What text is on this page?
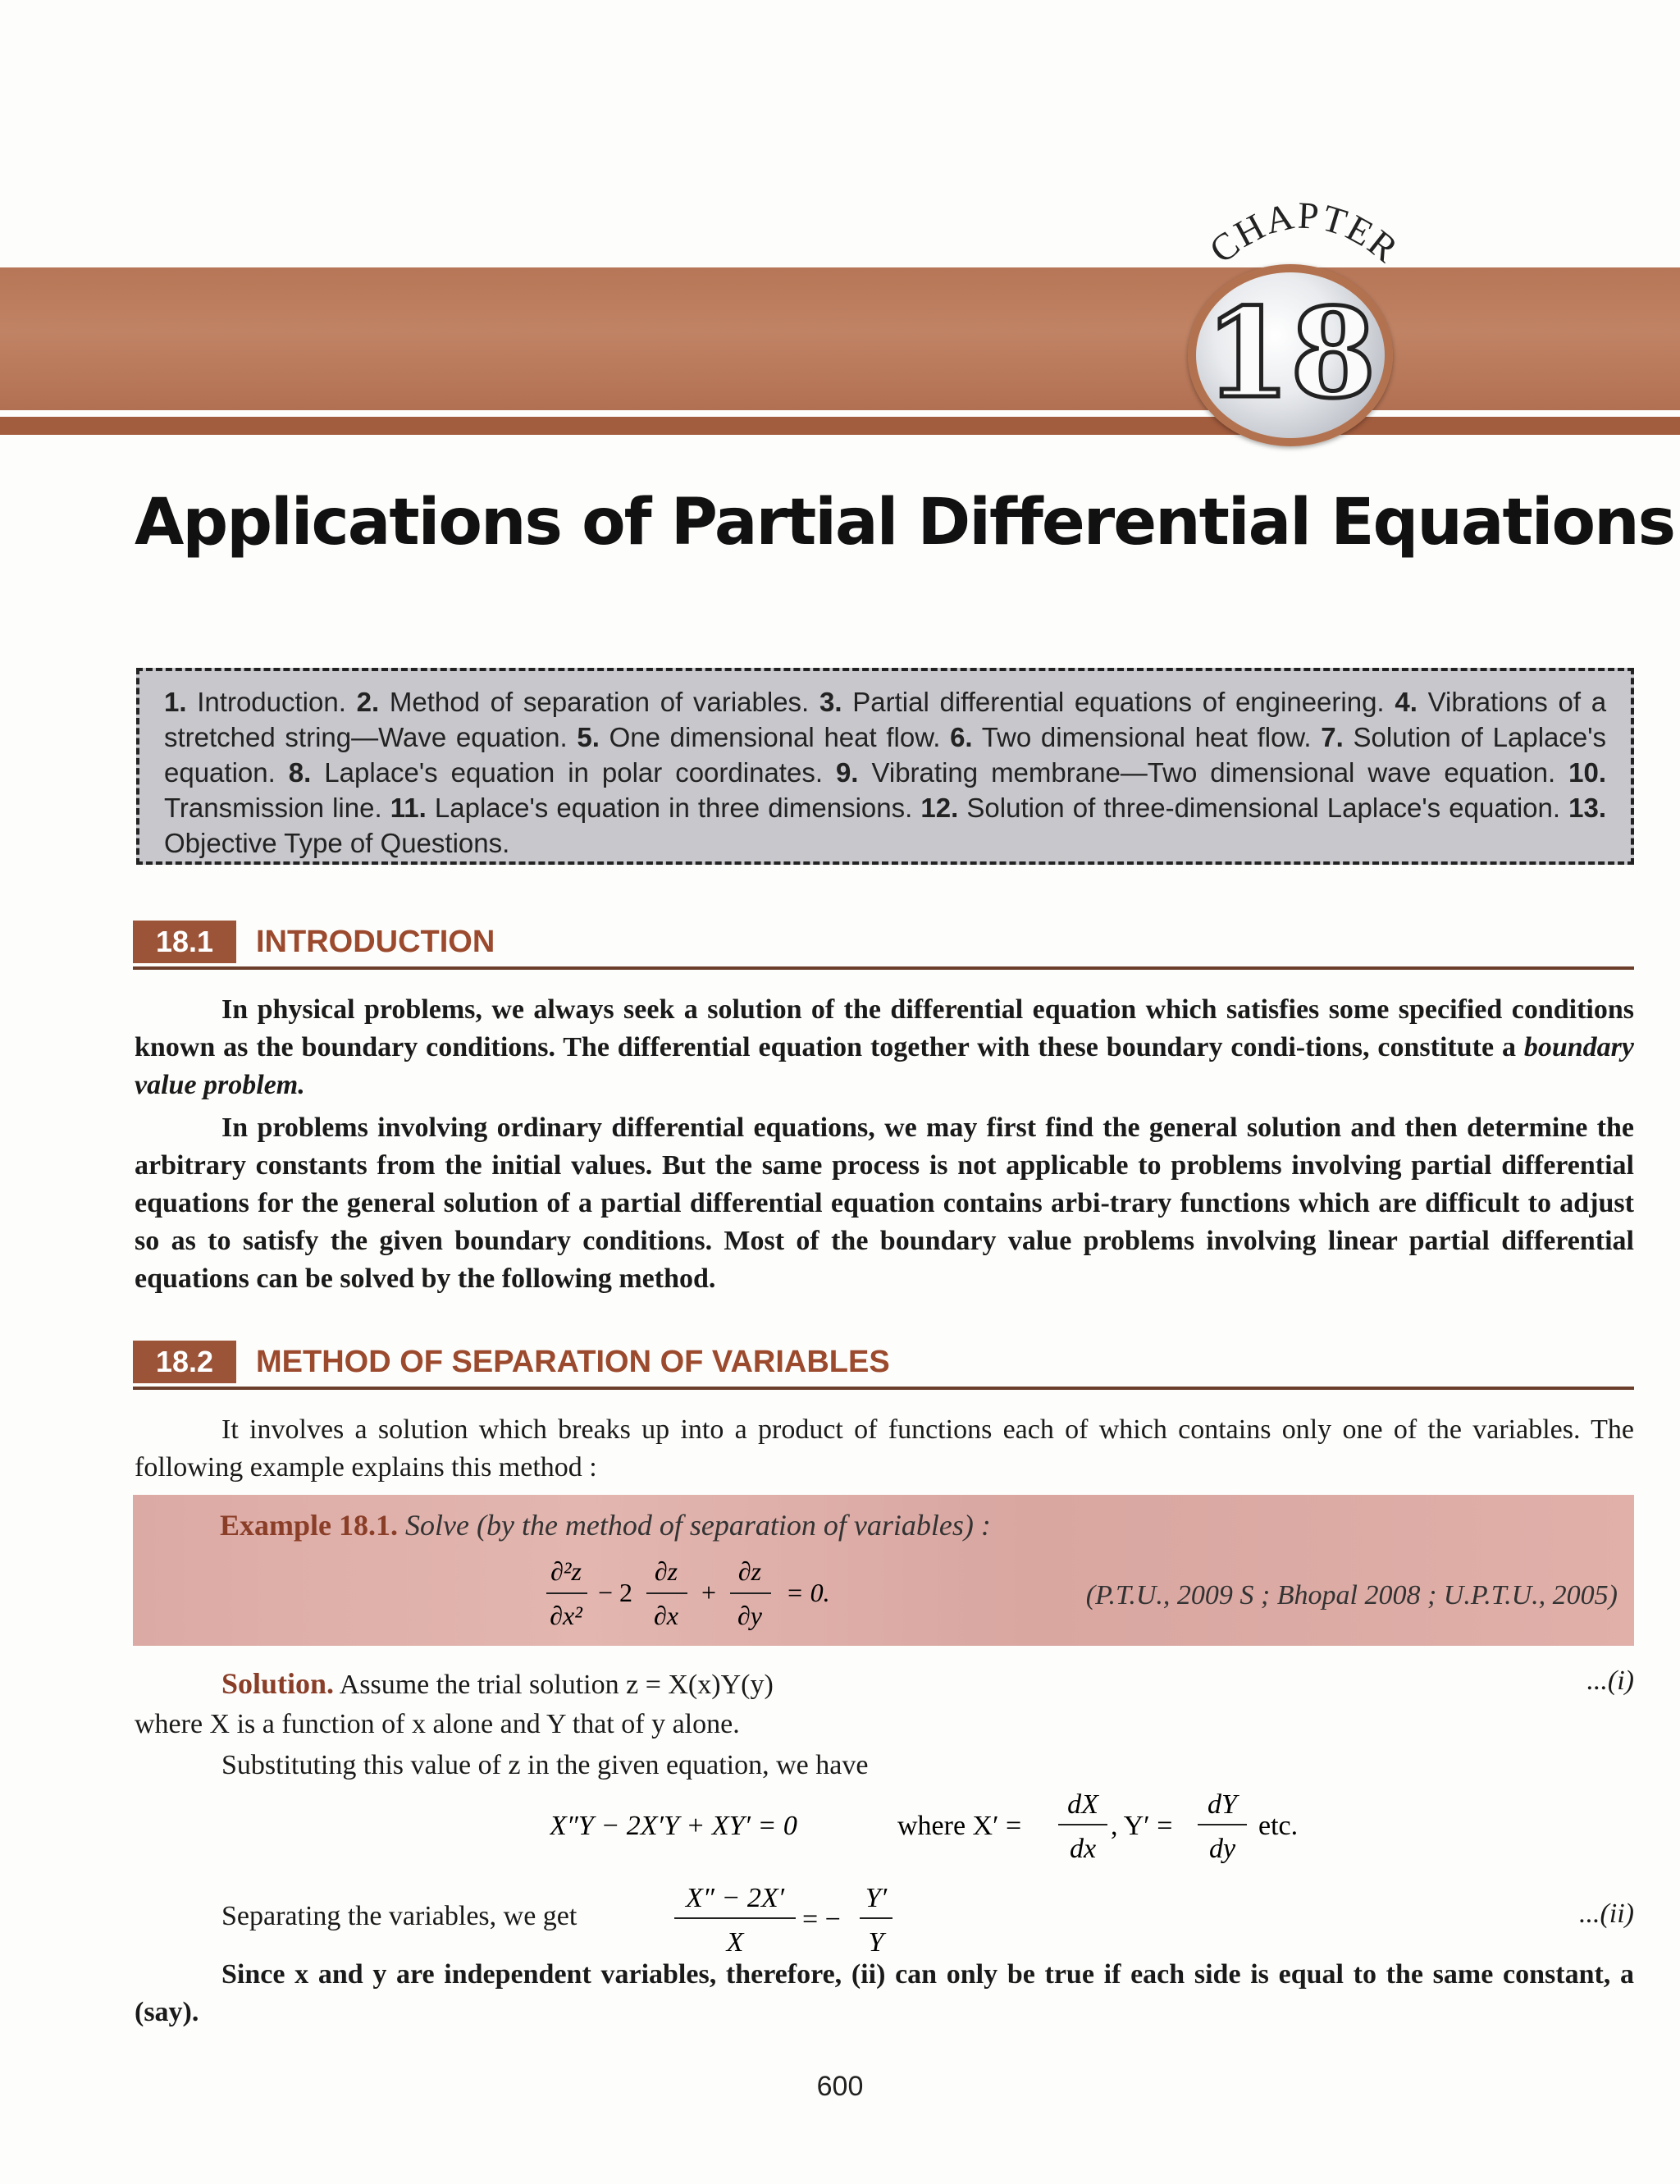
CHAPTER
18
Applications of Partial Differential Equations
1. Introduction. 2. Method of separation of variables. 3. Partial differential equations of engineering. 4. Vibrations of a stretched string—Wave equation. 5. One dimensional heat flow. 6. Two dimensional heat flow. 7. Solution of Laplace's equation. 8. Laplace's equation in polar coordinates. 9. Vibrating membrane—Two dimensional wave equation. 10. Transmission line. 11. Laplace's equation in three dimensions. 12. Solution of three-dimensional Laplace's equation. 13. Objective Type of Questions.
18.1	INTRODUCTION

In physical problems, we always seek a solution of the differential equation which satisfies some specified conditions known as the boundary conditions. The differential equation together with these boundary condi-tions, constitute a boundary value problem.

In problems involving ordinary differential equations, we may first find the general solution and then determine the arbitrary constants from the initial values. But the same process is not applicable to problems involving partial differential equations for the general solution of a partial differential equation contains arbi-trary functions which are difficult to adjust so as to satisfy the given boundary conditions. Most of the boundary value problems involving linear partial differential equations can be solved by the following method.

18.2	METHOD OF SEPARATION OF VARIABLES

It involves a solution which breaks up into a product of functions each of which contains only one of the variables. The following example explains this method :

Example 18.1. Solve (by the method of separation of variables) :
∂²z
∂x²
− 2
∂z
∂x
+
∂z
∂y
= 0.	(P.T.U., 2009 S ; Bhopal 2008 ; U.P.T.U., 2005)

Solution. Assume the trial solution z = X(x)Y(y)	...(i)

where X is a function of x alone and Y that of y alone.

Substituting this value of z in the given equation, we have

X″Y − 2X′Y + XY′ = 0	where X′ =
dX
dx
, Y′ =
dY
dy
etc.

Separating the variables, we get

X″ − 2X′
X
= −
Y′
Y
...(ii)

Since x and y are independent variables, therefore, (ii) can only be true if each side is equal to the same constant, a (say).

600
